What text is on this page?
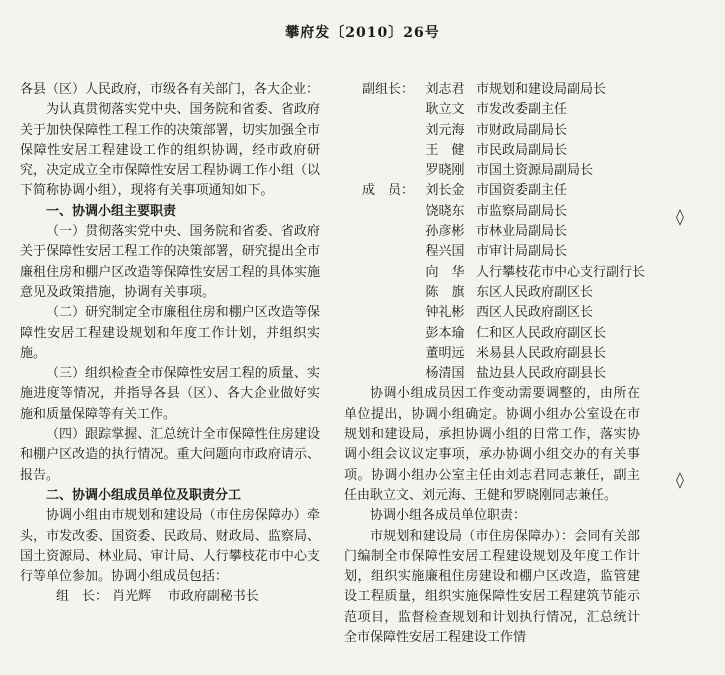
攀府发〔2010〕26号

各县（区）人民政府，市级各有关部门，各大企业：

为认真贯彻落实党中央、国务院和省委、省政府关于加快保障性工程工作的决策部署，切实加强全市保障性安居工程建设工作的组织协调，经市政府研究，决定成立全市保障性安居工程协调工作小组（以下简称协调小组），现将有关事项通知如下。

一、协调小组主要职责

（一）贯彻落实党中央、国务院和省委、省政府关于保障性安居工程工作的决策部署，研究提出全市廉租住房和棚户区改造等保障性安居工程的具体实施意见及政策措施，协调有关事项。

（二）研究制定全市廉租住房和棚户区改造等保障性安居工程建设规划和年度工作计划，并组织实施。

（三）组织检查全市保障性安居工程的质量、实施进度等情况，并指导各县（区）、各大企业做好实施和质量保障等有关工作。

（四）跟踪掌握、汇总统计全市保障性住房建设和棚户区改造的执行情况。重大问题向市政府请示、报告。

二、协调小组成员单位及职责分工

协调小组由市规划和建设局（市住房保障办）牵头，市发改委、国资委、民政局、财政局、监察局、国土资源局、林业局、审计局、人行攀枝花市中心支行等单位参加。协调小组成员包括：

组　长： 肖光辉 市政府副秘书长

副组长： 刘志君 市规划和建设局副局长
耿立文 市发改委副主任
刘元海 市财政局副局长
王　健 市民政局副局长
罗晓刚 市国土资源局副局长
成　员： 刘长金 市国资委副主任
饶晓东 市监察局副局长
孙彦彬 市林业局副局长
程兴国 市审计局副局长
向　华 人行攀枝花市中心支行副行长
陈　旗 东区人民政府副区长
钟礼彬 西区人民政府副区长
彭本瑜 仁和区人民政府副区长
董明远 米易县人民政府副县长
杨清国 盐边县人民政府副县长

协调小组成员因工作变动需要调整的，由所在单位提出，协调小组确定。协调小组办公室设在市规划和建设局，承担协调小组的日常工作，落实协调小组会议议定事项，承办协调小组交办的有关事项。协调小组办公室主任由刘志君同志兼任，副主任由耿立文、刘元海、王健和罗晓刚同志兼任。

协调小组各成员单位职责：

市规划和建设局（市住房保障办）：会同有关部门编制全市保障性安居工程建设规划及年度工作计划，组织实施廉租住房建设和棚户区改造，监管建设工程质量，组织实施保障性安居工程建筑节能示范项目，监督检查规划和计划执行情况，汇总统计全市保障性安居工程建设工作情

◊
◊
